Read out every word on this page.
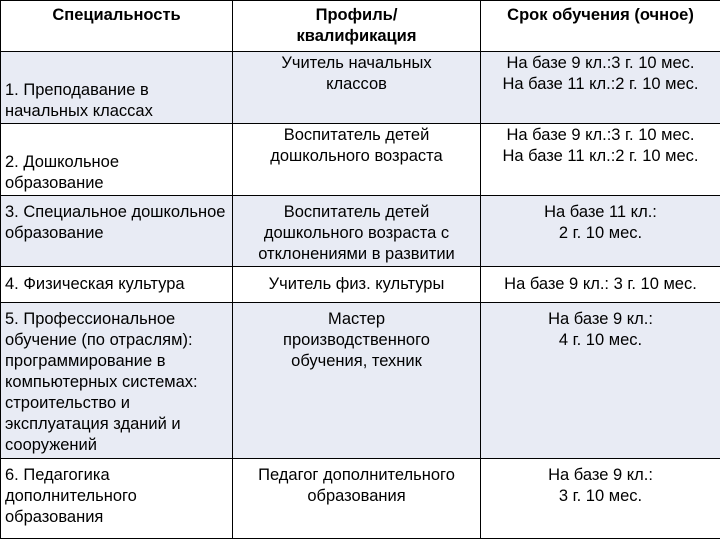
Специальность	Профиль/ квалификация	Срок обучения (очное)
1. Преподавание в начальных классах	Учитель начальных классов	На базе 9 кл.:3 г. 10 мес.
На базе 11 кл.:2 г. 10 мес.

2. Дошкольное образование	Воспитатель детей дошкольного возраста	На базе 9 кл.:3 г. 10 мес.
На базе 11 кл.:2 г. 10 мес.

3. Специальное дошкольное образование	Воспитатель детей дошкольного возраста с отклонениями в развитии	На базе 11 кл.:
2 г. 10 мес.

4. Физическая культура	Учитель физ. культуры	На базе 9 кл.: 3 г. 10 мес.

5. Профессиональное обучение (по отраслям): программирование в компьютерных системах: строительство и эксплуатация зданий и сооружений	Мастер производственного обучения, техник	На базе 9 кл.:
4 г. 10 мес.

6. Педагогика дополнительного образования	Педагог дополнительного образования	На базе 9 кл.:
3 г. 10 мес.
